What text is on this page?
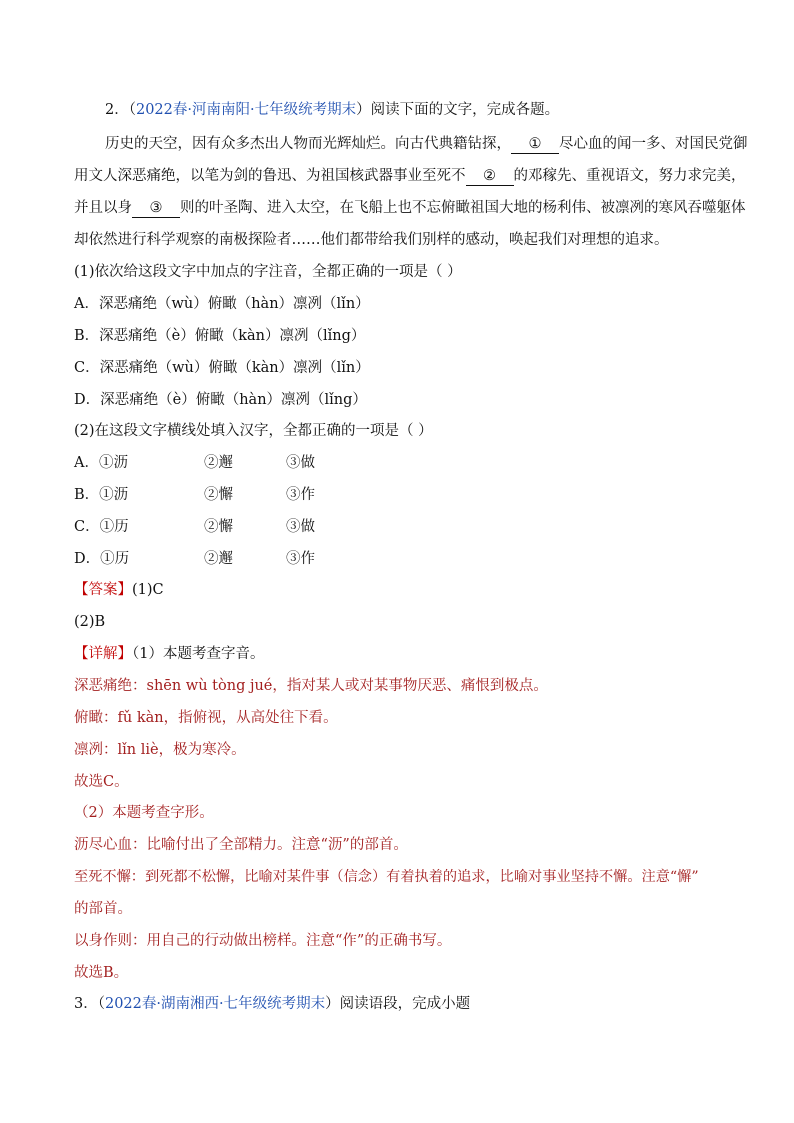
2．（2022春·河南南阳·七年级统考期末）阅读下面的文字，完成各题。
历史的天空，因有众多杰出人物而光辉灿烂。向古代典籍钻探， ① 尽心血的闻一多、对国民党御
用文人深恶痛绝，以笔为剑的鲁迅、为祖国核武器事业至死不 ② 的邓稼先、重视语文，努力求完美，
并且以身 ③ 则的叶圣陶、进入太空，在飞船上也不忘俯瞰祖国大地的杨利伟、被凛冽的寒风吞噬躯体
却依然进行科学观察的南极探险者……他们都带给我们别样的感动，唤起我们对理想的追求。
(1)依次给这段文字中加点的字注音，全都正确的一项是（ ）
A．深恶痛绝（wù）俯瞰（hàn）凛冽（lǐn）
B．深恶痛绝（è）俯瞰（kàn）凛冽（lǐng）
C．深恶痛绝（wù）俯瞰（kàn）凛冽（lǐn）
D．深恶痛绝（è）俯瞰（hàn）凛冽（lǐng）
(2)在这段文字横线处填入汉字，全都正确的一项是（ ）
A．①沥	②邂	③做
B．①沥	②懈	③作
C．①历	②懈	③做
D．①历	②邂	③作
【答案】(1)C
(2)B
【详解】（1）本题考查字音。
深恶痛绝：shēn wù tòng jué，指对某人或对某事物厌恶、痛恨到极点。
俯瞰：fǔ kàn，指俯视，从高处往下看。
凛冽：lǐn liè，极为寒冷。
故选C。
（2）本题考查字形。
沥尽心血：比喻付出了全部精力。注意“沥”的部首。
至死不懈：到死都不松懈，比喻对某件事（信念）有着执着的追求，比喻对事业坚持不懈。注意“懈”
的部首。
以身作则：用自己的行动做出榜样。注意“作”的正确书写。
故选B。
3．（2022春·湖南湘西·七年级统考期末）阅读语段，完成小题
